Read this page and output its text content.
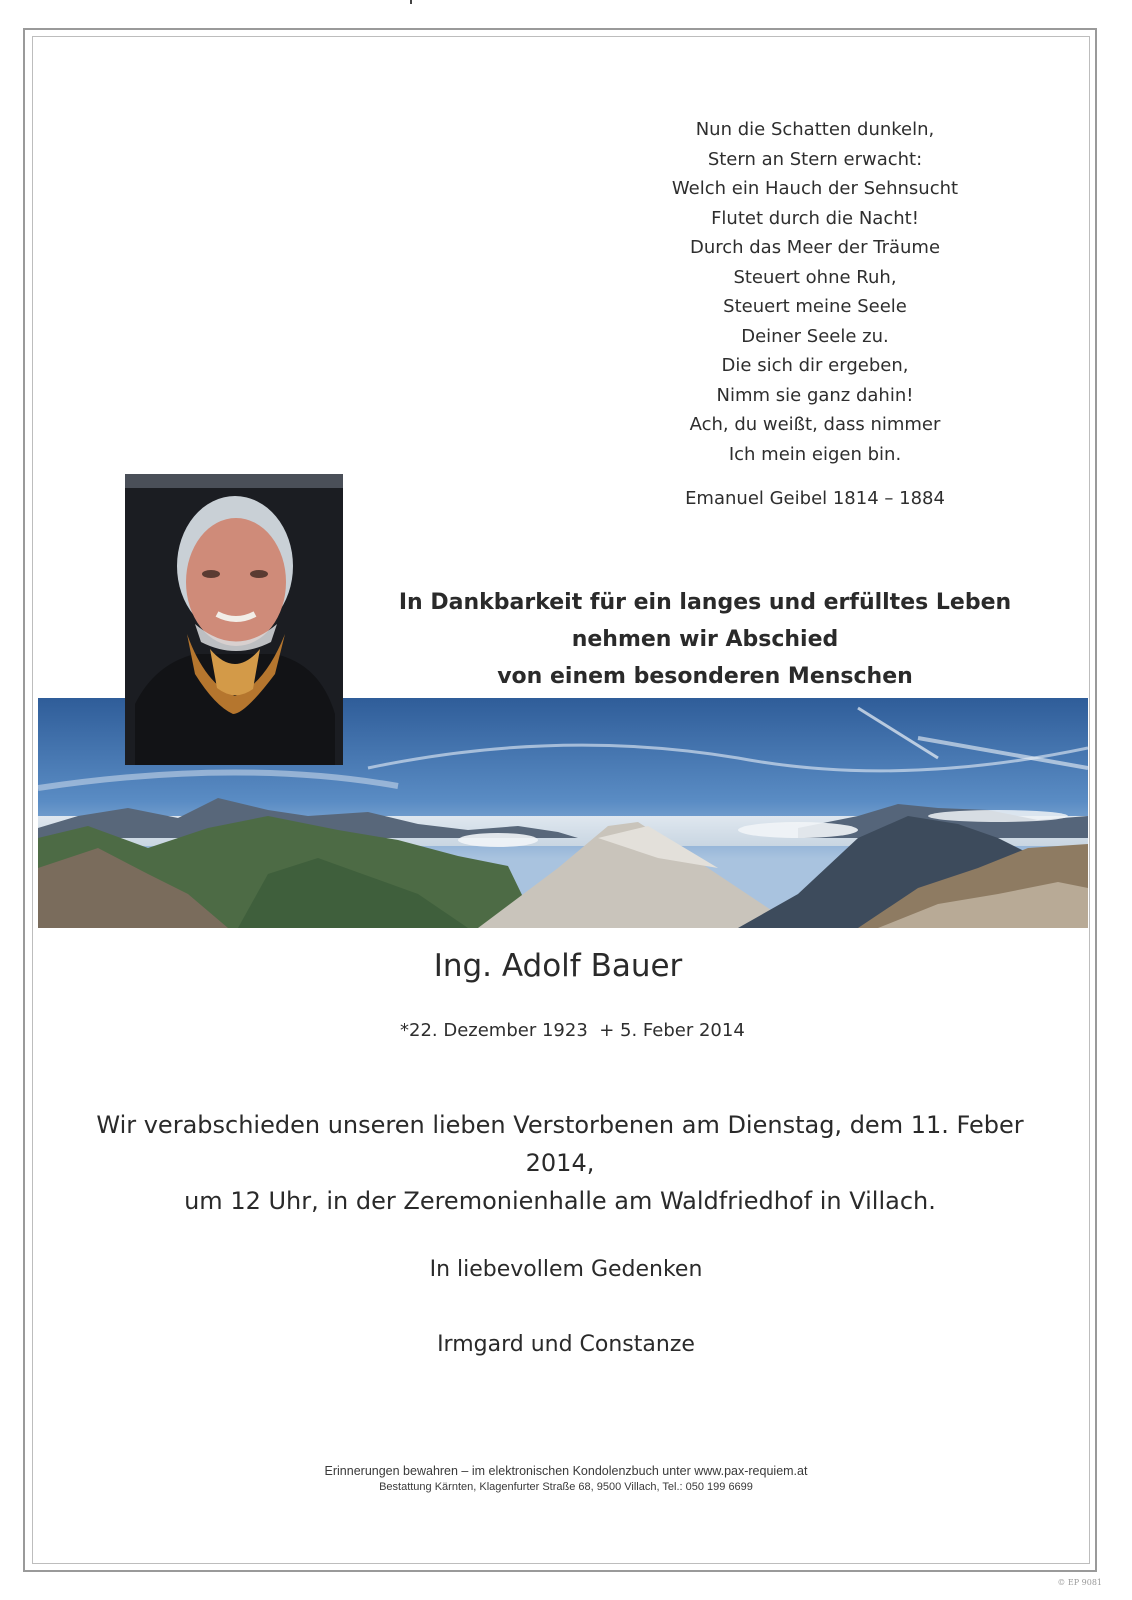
Nun die Schatten dunkeln,
Stern an Stern erwacht:
Welch ein Hauch der Sehnsucht
Flutet durch die Nacht!
Durch das Meer der Träume
Steuert ohne Ruh,
Steuert meine Seele
Deiner Seele zu.
Die sich dir ergeben,
Nimm sie ganz dahin!
Ach, du weißt, dass nimmer
Ich mein eigen bin.
Emanuel Geibel 1814 – 1884
In Dankbarkeit für ein langes und erfülltes Leben
nehmen wir Abschied
von einem besonderen Menschen
Ing. Adolf Bauer
*22. Dezember 1923  + 5. Feber 2014
Wir verabschieden unseren lieben Verstorbenen am Dienstag, dem 11. Feber 2014,
um 12 Uhr, in der Zeremonienhalle am Waldfriedhof in Villach.
In liebevollem Gedenken
Irmgard und Constanze
Erinnerungen bewahren – im elektronischen Kondolenzbuch unter www.pax-requiem.at
Bestattung Kärnten, Klagenfurter Straße 68, 9500 Villach, Tel.: 050 199 6699
© EP 9081
